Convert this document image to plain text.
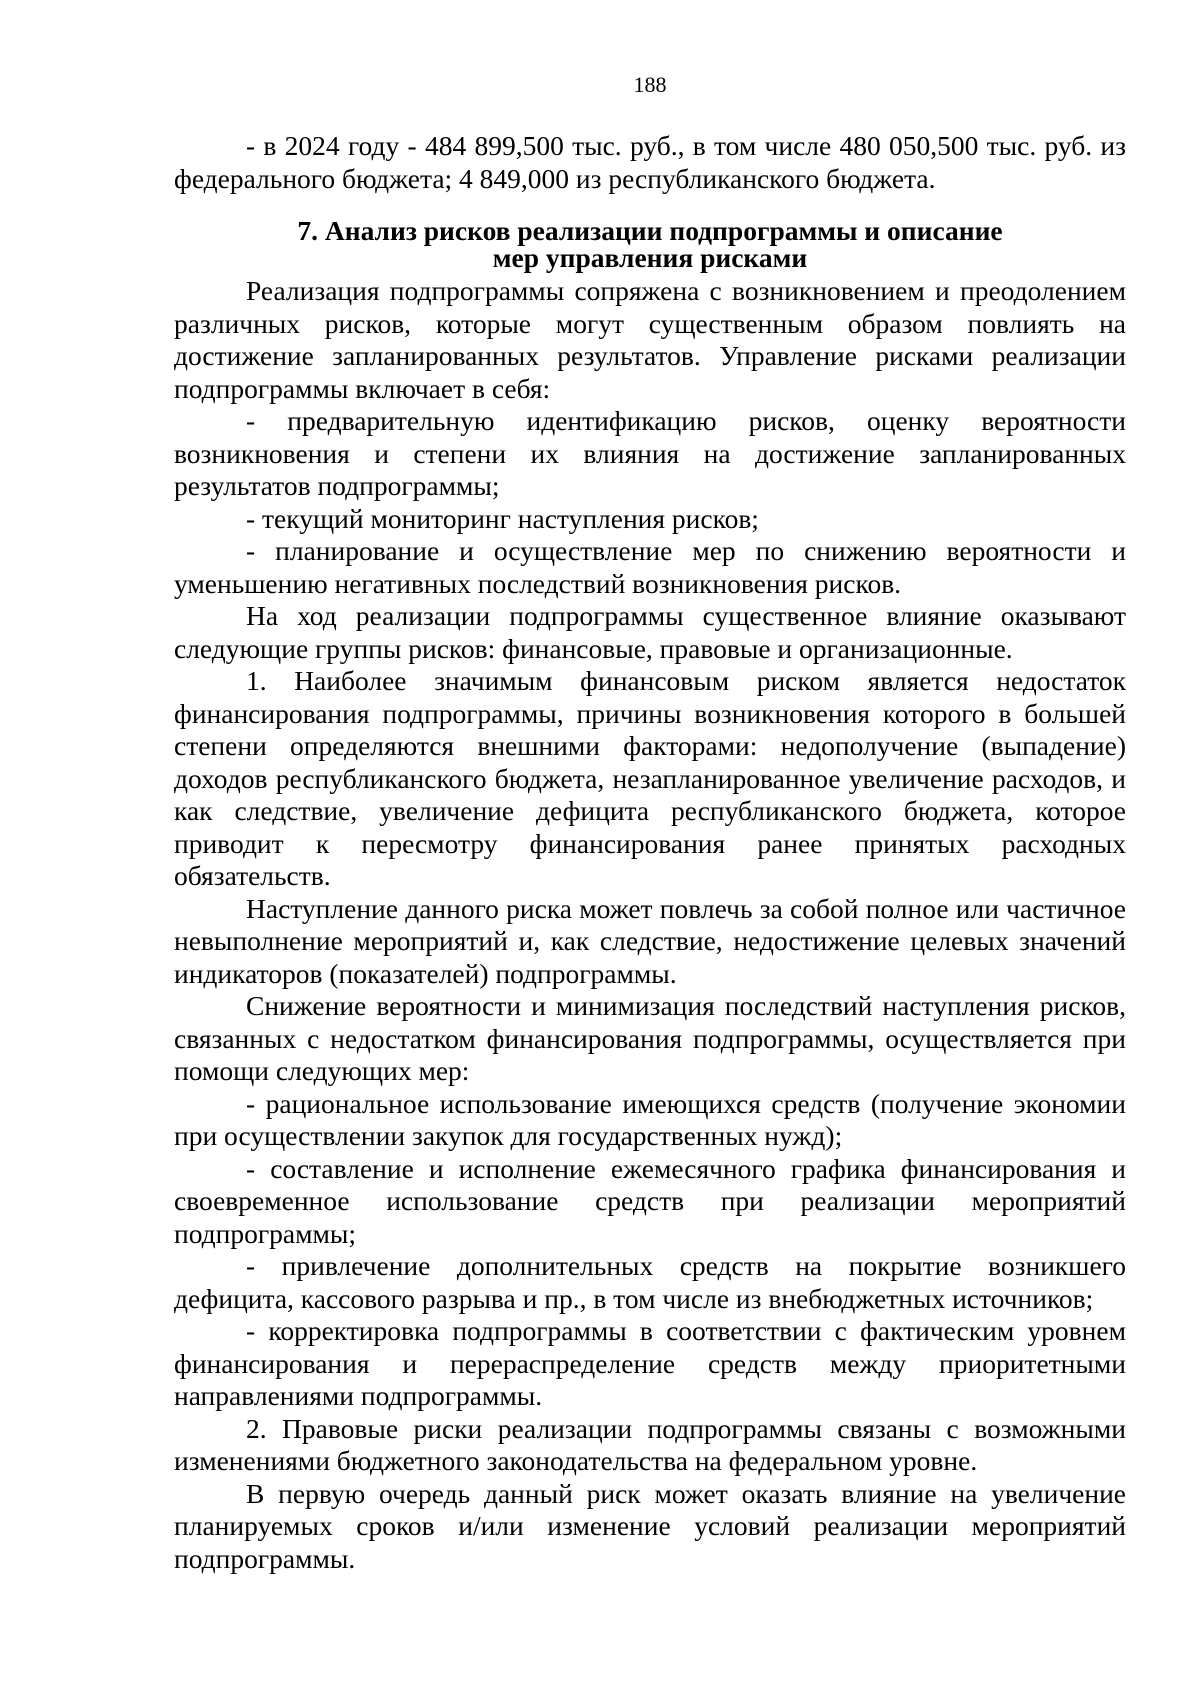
188

- в 2024 году - 484 899,500 тыс. руб., в том числе 480 050,500 тыс. руб. из федерального бюджета; 4 849,000 из республиканского бюджета.

7. Анализ рисков реализации подпрограммы и описание
мер управления рисками

Реализация подпрограммы сопряжена с возникновением и преодолением различных рисков, которые могут существенным образом повлиять на достижение запланированных результатов. Управление рисками реализации подпрограммы включает в себя:

- предварительную идентификацию рисков, оценку вероятности возникновения и степени их влияния на достижение запланированных результатов подпрограммы;

- текущий мониторинг наступления рисков;

- планирование и осуществление мер по снижению вероятности и уменьшению негативных последствий возникновения рисков.

На ход реализации подпрограммы существенное влияние оказывают следующие группы рисков: финансовые, правовые и организационные.

1. Наиболее значимым финансовым риском является недостаток финансирования подпрограммы, причины возникновения которого в большей степени определяются внешними факторами: недополучение (выпадение) доходов республиканского бюджета, незапланированное увеличение расходов, и как следствие, увеличение дефицита республиканского бюджета, которое приводит к пересмотру финансирования ранее принятых расходных обязательств.

Наступление данного риска может повлечь за собой полное или частичное невыполнение мероприятий и, как следствие, недостижение целевых значений индикаторов (показателей) подпрограммы.

Снижение вероятности и минимизация последствий наступления рисков, связанных с недостатком финансирования подпрограммы, осуществляется при помощи следующих мер:

- рациональное использование имеющихся средств (получение экономии при осуществлении закупок для государственных нужд);

- составление и исполнение ежемесячного графика финансирования и своевременное использование средств при реализации мероприятий подпрограммы;

- привлечение дополнительных средств на покрытие возникшего дефицита, кассового разрыва и пр., в том числе из внебюджетных источников;

- корректировка подпрограммы в соответствии с фактическим уровнем финансирования и перераспределение средств между приоритетными направлениями подпрограммы.

2. Правовые риски реализации подпрограммы связаны с возможными изменениями бюджетного законодательства на федеральном уровне.

В первую очередь данный риск может оказать влияние на увеличение планируемых сроков и/или изменение условий реализации мероприятий подпрограммы.
